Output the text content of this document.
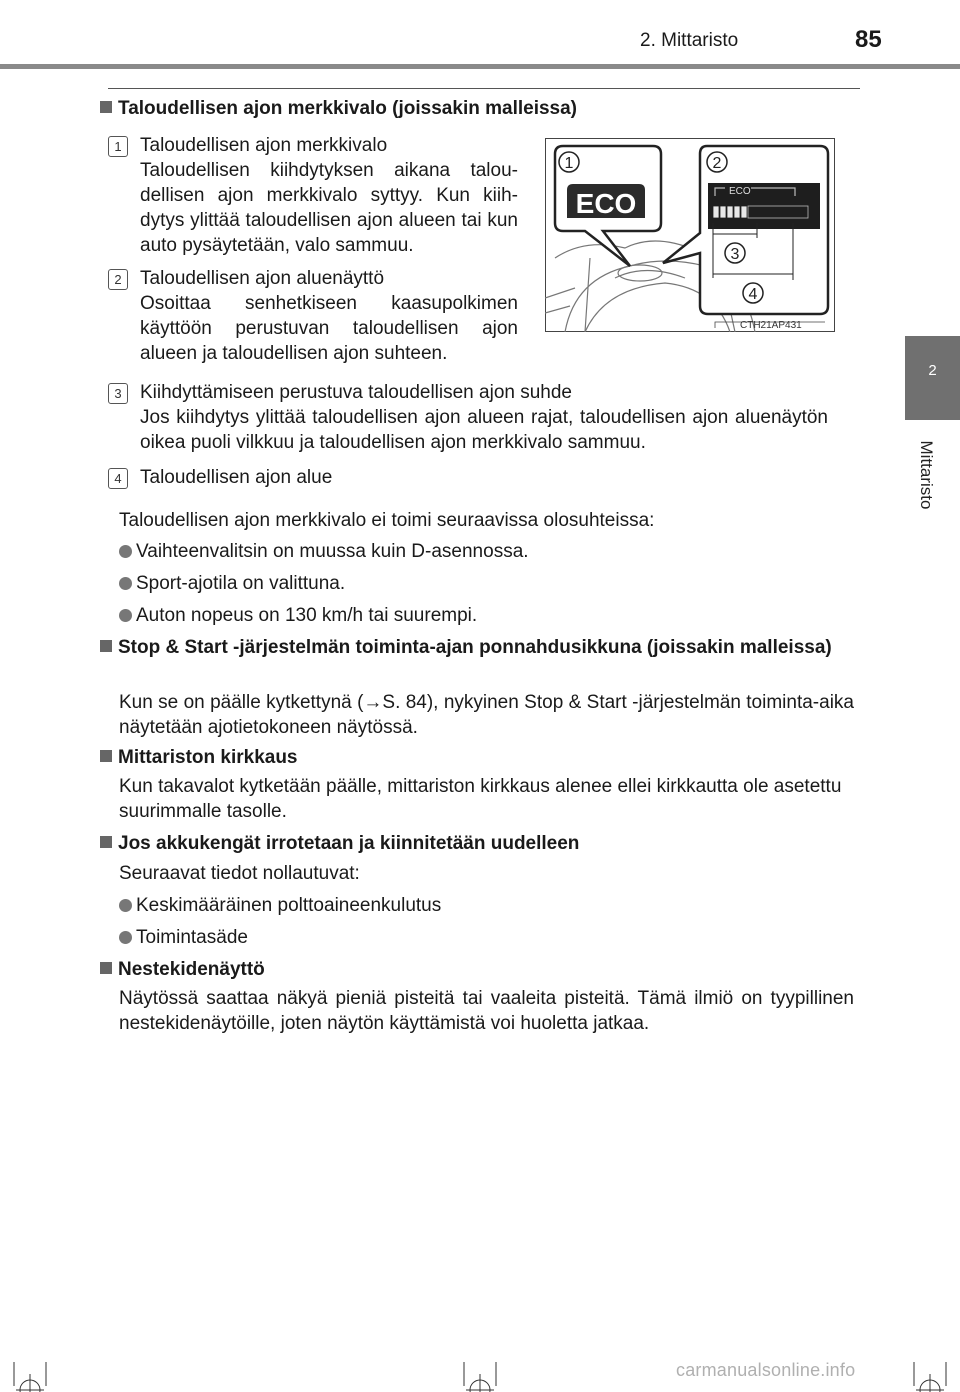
2. Mittaristo	85
2
Mittaristo
Taloudellisen ajon merkkivalo (joissakin malleissa)
1 Taloudellisen ajon merkkivalo
Taloudellisen kiihdytyksen aikana talou-dellisen ajon merkkivalo syttyy. Kun kiih-dytys ylittää taloudellisen ajon alueen tai kun auto pysäytetään, valo sammuu.
2 Taloudellisen ajon aluenäyttö
Osoittaa senhetkiseen kaasupolkimen käyttöön perustuvan taloudellisen ajon alueen ja taloudellisen ajon suhteen.
3 Kiihdyttämiseen perustuva taloudellisen ajon suhde
Jos kiihdytys ylittää taloudellisen ajon alueen rajat, taloudellisen ajon aluenäytön oikea puoli vilkkuu ja taloudellisen ajon merkkivalo sammuu.
4 Taloudellisen ajon alue
Taloudellisen ajon merkkivalo ei toimi seuraavissa olosuhteissa:
Vaihteenvalitsin on muussa kuin D-asennossa.
Sport-ajotila on valittuna.
Auton nopeus on 130 km/h tai suurempi.
Stop & Start -järjestelmän toiminta-ajan ponnahdusikkuna (joissakin malleissa)
Kun se on päälle kytkettynä (→S. 84), nykyinen Stop & Start -järjestelmän toiminta-aika näytetään ajotietokoneen näytössä.
Mittariston kirkkaus
Kun takavalot kytketään päälle, mittariston kirkkaus alenee ellei kirkkautta ole asetettu suurimmalle tasolle.
Jos akkukengät irrotetaan ja kiinnitetään uudelleen
Seuraavat tiedot nollautuvat:
Keskimääräinen polttoaineenkulutus
Toimintasäde
Nestekidenäyttö
Näytössä saattaa näkyä pieniä pisteitä tai vaaleita pisteitä. Tämä ilmiö on tyypillinen nestekidenäytöille, joten näytön käyttämistä voi huoletta jatkaa.
1
ECO
2
ECO
3
4
CTH21AP431
carmanualsonline.info
